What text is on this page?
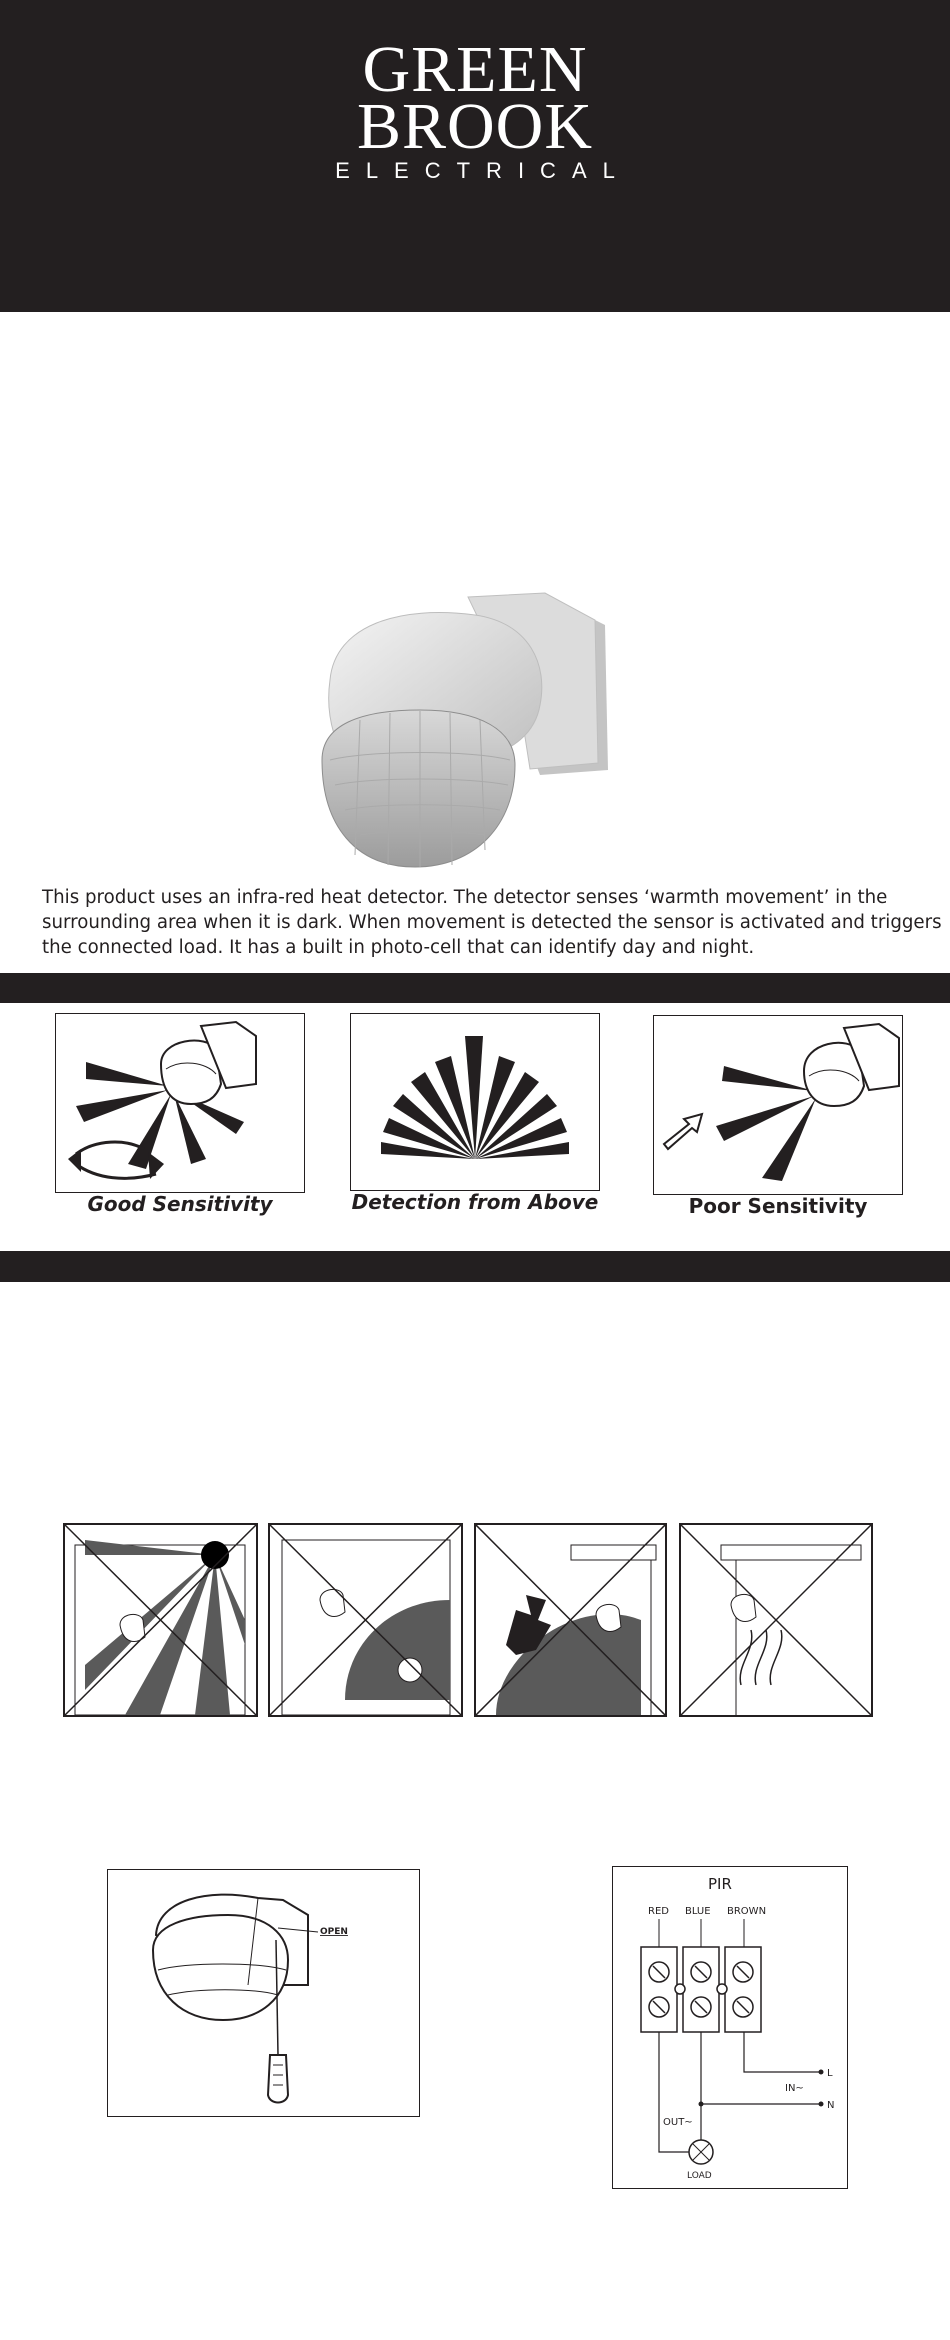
GREEN
BROOK
ELECTRICAL
This product uses an infra-red heat detector. The detector senses ‘warmth movement’ in the surrounding area when it is dark. When movement is detected the sensor is activated and triggers the connected load. It has a built in photo-cell that can identify day and night.
Good Sensitivity	Detection from Above	Poor Sensitivity
OPEN
PIR
RED BLUE BROWN
L
N
IN~
OUT~
LOAD
